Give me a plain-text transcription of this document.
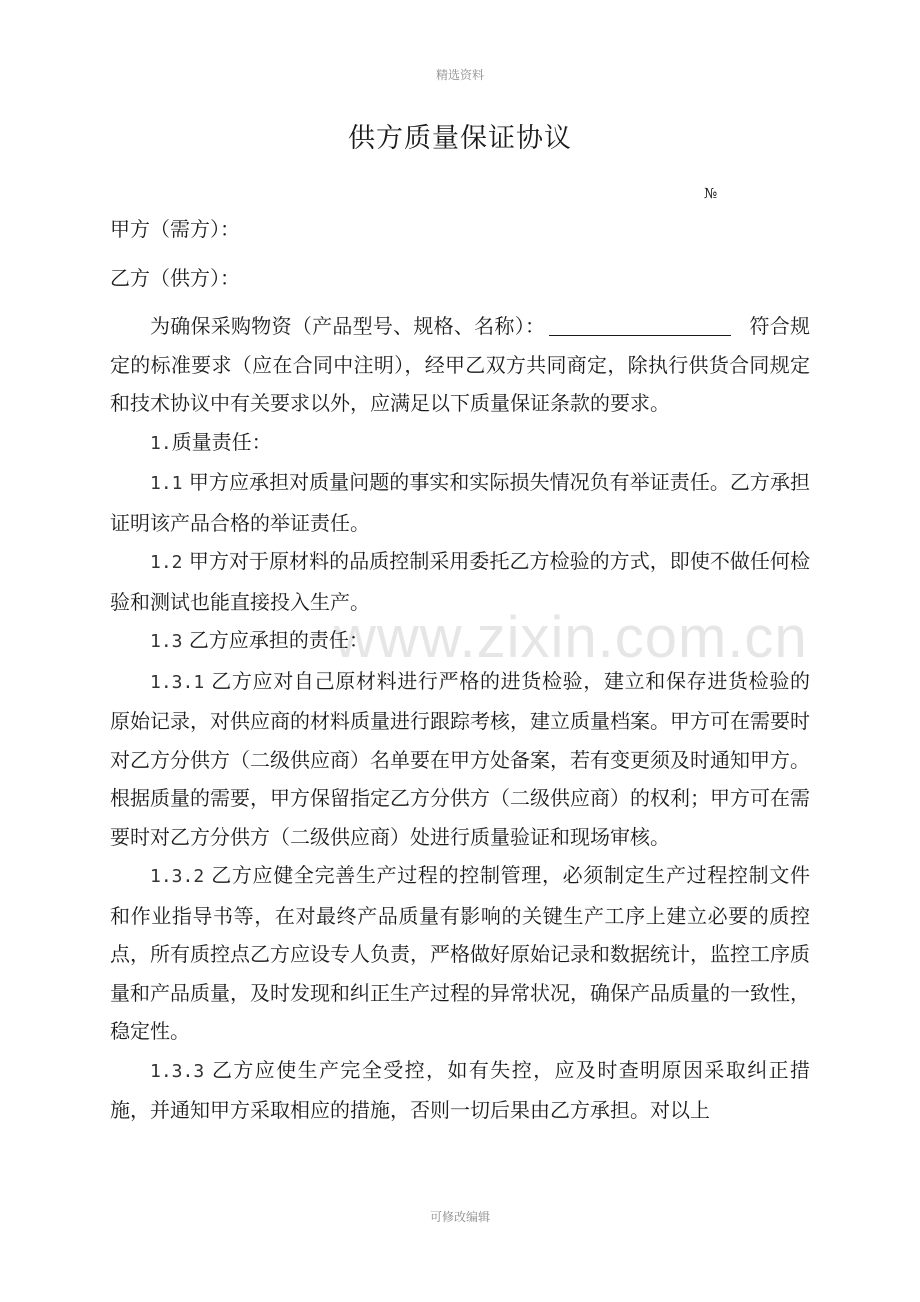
精选资料
www.zixin.com.cn
供方质量保证协议
№

甲方（需方）：

乙方（供方）：

为确保采购物资（产品型号、规格、名称）：	符合规定的标准要求（应在合同中注明），经甲乙双方共同商定，除执行供货合同规定和技术协议中有关要求以外，应满足以下质量保证条款的要求。

1.质量责任：

1.1 甲方应承担对质量问题的事实和实际损失情况负有举证责任。乙方承担证明该产品合格的举证责任。

1.2 甲方对于原材料的品质控制采用委托乙方检验的方式，即使不做任何检验和测试也能直接投入生产。

1.3 乙方应承担的责任：

1.3.1 乙方应对自己原材料进行严格的进货检验，建立和保存进货检验的原始记录，对供应商的材料质量进行跟踪考核，建立质量档案。甲方可在需要时对乙方分供方（二级供应商）名单要在甲方处备案，若有变更须及时通知甲方。根据质量的需要，甲方保留指定乙方分供方（二级供应商）的权利；甲方可在需要时对乙方分供方（二级供应商）处进行质量验证和现场审核。

1.3.2 乙方应健全完善生产过程的控制管理，必须制定生产过程控制文件和作业指导书等，在对最终产品质量有影响的关键生产工序上建立必要的质控点，所有质控点乙方应设专人负责，严格做好原始记录和数据统计，监控工序质量和产品质量，及时发现和纠正生产过程的异常状况，确保产品质量的一致性，稳定性。

1.3.3 乙方应使生产完全受控，如有失控，应及时查明原因采取纠正措施，并通知甲方采取相应的措施，否则一切后果由乙方承担。对以上

可修改编辑
